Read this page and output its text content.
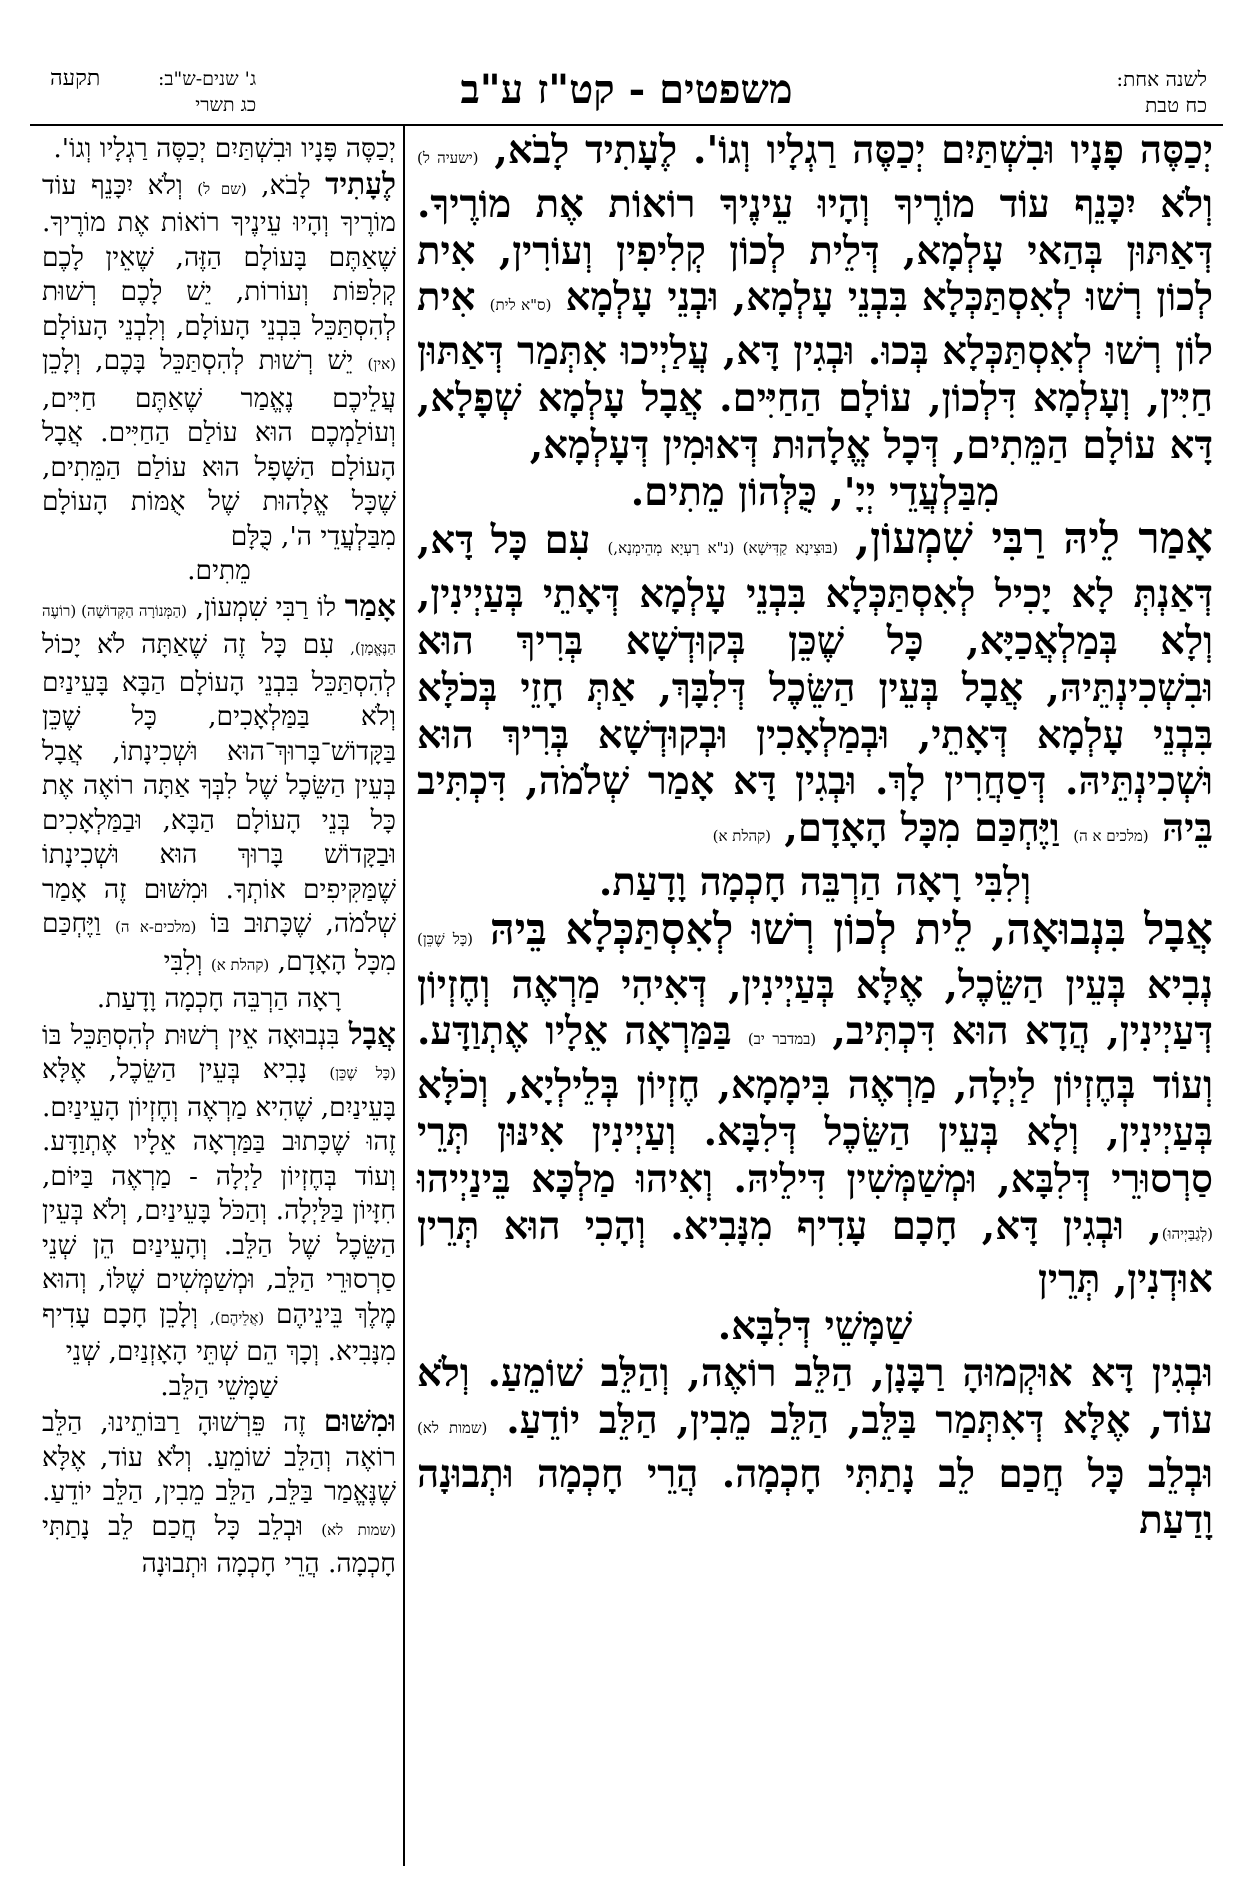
לשנה אחת:
כח טבת
משפטים - קט"ז ע"ב
ג' שנים-ש"ב:
כג תשרי
תקעה

יְכַסֶּה פָנָיו וּבִשְׁתַּיִם יְכַסֶּה רַגְלָיו וְגוֹ'. לֶעָתִיד לָבֹא, (ישעיה ל) וְלֹא יִכָּנֵף עוֹד מוֹרֶיךָ וְהָיוּ עֵינֶיךָ רוֹאוֹת אֶת מוֹרֶיךָ. דְּאַתּוּן בְּהַאי עָלְמָא, דְּלֵית לְכוֹן קְלִיפִין וְעוֹרִין, אִית לְכוֹן רְשׁוּ לְאִסְתַּכְּלָא בִּבְנֵי עָלְמָא, וּבְנֵי עָלְמָא (ס"א לית) אִית לוֹן רְשׁוּ לְאִסְתַּכְּלָא בְּכוּ. וּבְגִין דָּא, עֲלַיְיכוּ אִתְּמַר דְּאַתּוּן חַיִּין, וְעָלְמָא דִּלְכוֹן, עוֹלָם הַחַיִּים. אֲבָל עָלְמָא שְׁפָלָא, דָּא עוֹלָם הַמֵּתִים, דְּכָל אֱלָהוּת דְּאוּמִין דְּעָלְמָא,

מִבַּלְעֲדֵי יְיָ', כֻּלְּהוֹן מֵתִים.

אָמַר לֵיהּ רַבִּי שִׁמְעוֹן, (בּוּצִינָא קַדִּישָׁא) (נ"א רַעְיָא מְהֵימְנָא,) עִם כָּל דָּא, דְּאַנְתְּ לָא יָכִיל לְאִסְתַּכְּלָא בִּבְנֵי עָלְמָא דְּאָתֵי בְּעַיְינִין, וְלָא בְּמַלְאֲכַיָּא, כָּל שֶׁכֵּן בְּקוּדְשָׁא בְּרִיךְ הוּא וּבִשְׁכִינְתֵּיהּ, אֲבָל בְּעֵין הַשֵּׂכֶל דְּלִבָּךְ, אַתְּ חָזֵי בְּכֹלָּא בִּבְנֵי עָלְמָא דְּאָתֵי, וּבְמַלְאָכִין וּבְקוּדְשָׁא בְּרִיךְ הוּא וּשְׁכִינְתֵּיהּ. דְּסַחֲרִין לָךְ. וּבְגִין דָּא אָמַר שְׁלֹמֹה, דִּכְתִּיב בֵּיהּ (מלכים א ה) וַיֶּחְכַּם מִכָּל הָאָדָם, (קהלת א)

וְלִבִּי רָאָה הַרְבֵּה חָכְמָה וָדָעַת.

אֲבָל בִּנְבוּאָה, לֵית לְכוֹן רְשׁוּ לְאִסְתַּכְּלָא בֵּיהּ (כָּל שֶׁכֵּן) נְבִיא בְּעֵין הַשֵּׂכֶל, אֶלָּא בְּעַיְינִין, דְּאִיהִי מַרְאֶה וְחֶזְיוֹן דְּעַיְינִין, הֲדָא הוּא דִּכְתִּיב, (במדבר יב) בַּמַּרְאָה אֵלָיו אֶתְוַדָּע. וְעוֹד בְּחֶזְיוֹן לַיְלָה, מַרְאֶה בִּימָמָא, חֶזְיוֹן בְּלֵילְיָא, וְכֹלָּא בְּעַיְינִין, וְלָא בְּעֵין הַשֵּׂכֶל דְּלִבָּא. וְעַיְינִין אִינּוּן תְּרֵי סַרְסוּרֵי דְּלִבָּא, וּמְשַׁמְּשִׁין דִּילֵיהּ. וְאִיהוּ מַלְכָּא בֵּינַיְיהוּ (לְגַבַּיְיהוּ), וּבְגִין דָּא, חָכָם עָדִיף מִנָּבִיא. וְהָכִי הוּא תְּרֵין אוּדְנִין, תְּרֵין

שַׁמָּשֵׁי דְּלִבָּא.

וּבְגִין דָּא אוּקְמוּהָ רַבָּנָן, הַלֵּב רוֹאֶה, וְהַלֵּב שׁוֹמֵעַ. וְלֹא עוֹד, אֶלָּא דְּאִתְּמַר בַּלֵּב, הַלֵּב מֵבִין, הַלֵּב יוֹדֵעַ. (שמות לא) וּבְלֵב כָּל חֲכַם לֵב נָתַתִּי חָכְמָה. הֲרֵי חָכְמָה וּתְבוּנָה וָדַעַת

יְכַסֶּה פָּנָיו וּבִשְׁתַּיִם יְכַסֶּה רַגְלָיו וְגוֹ'.

לֶעָתִיד לָבֹא, (שם ל) וְלֹא יִכָּנֵף עוֹד מוֹרֶיךָ וְהָיוּ עֵינֶיךָ רוֹאוֹת אֶת מוֹרֶיךָ. שֶׁאַתֶּם בָּעוֹלָם הַזֶּה, שֶׁאֵין לָכֶם קְלִפּוֹת וְעוֹרוֹת, יֵשׁ לָכֶם רְשׁוּת לְהִסְתַּכֵּל בִּבְנֵי הָעוֹלָם, וְלִבְנֵי הָעוֹלָם (אין) יֵשׁ רְשׁוּת לְהִסְתַּכֵּל בָּכֶם, וְלָכֵן עֲלֵיכֶם נֶאֱמַר שֶׁאַתֶּם חַיִּים, וְעוֹלַמְכֶם הוּא עוֹלַם הַחַיִּים. אֲבָל הָעוֹלָם הַשָּׁפָל הוּא עוֹלַם הַמֵּתִים, שֶׁכָּל אֱלָהוּת שֶׁל אֻמּוֹת הָעוֹלָם מִבַּלְעֲדֵי ה', כֻּלָּם

מֵתִים.

אָמַר לוֹ רַבִּי שִׁמְעוֹן, (הַמְּנוֹרָה הַקְּדוֹשָׁה) (רוֹעֶה הַנֶּאֱמָן), עִם כָּל זֶה שֶׁאַתָּה לֹא יָכוֹל לְהִסְתַּכֵּל בִּבְנֵי הָעוֹלָם הַבָּא בָּעֵינַיִם וְלֹא בַּמַּלְאָכִים, כָּל שֶׁכֵּן בַּקָּדוֹשׁ־בָּרוּךְ־הוּא וּשְׁכִינָתוֹ, אֲבָל בְּעֵין הַשֵּׂכֶל שֶׁל לִבְּךָ אַתָּה רוֹאֶה אֶת כָּל בְּנֵי הָעוֹלָם הַבָּא, וּבַמַּלְאָכִים וּבַקָּדוֹשׁ בָּרוּךְ הוּא וּשְׁכִינָתוֹ שֶׁמַּקִּיפִים אוֹתְךָ. וּמִשּׁוּם זֶה אָמַר שְׁלֹמֹה, שֶׁכָּתוּב בּוֹ (מלכים-א ה) וַיֶּחְכַּם מִכָּל הָאָדָם, (קהלת א) וְלִבִּי

רָאָה הַרְבֵּה חָכְמָה וָדָעַת.

אֲבָל בִּנְבוּאָה אֵין רְשׁוּת לְהִסְתַּכֵּל בּוֹ (כָּל שֶׁכֵּן) נָבִיא בְּעֵין הַשֵּׂכֶל, אֶלָּא בָּעֵינַיִם, שֶׁהִיא מַרְאֶה וְחֶזְיוֹן הָעֵינַיִם. זֶהוּ שֶׁכָּתוּב בַּמַּרְאָה אֵלָיו אֶתְוַדָּע. וְעוֹד בְּחֶזְיוֹן לַיְלָה - מַרְאֶה בַּיּוֹם, חִזָּיוֹן בַּלַּיְלָה. וְהַכֹּל בָּעֵינַיִם, וְלֹא בְּעֵין הַשֵּׂכֶל שֶׁל הַלֵּב. וְהָעֵינַיִם הֵן שְׁנֵי סַרְסוּרֵי הַלֵּב, וּמְשַׁמְּשִׁים שֶׁלּוֹ, וְהוּא מֶלֶךְ בֵּינֵיהֶם (אֲלֵיהֶם), וְלָכֵן חָכָם עָדִיף מִנָּבִיא. וְכָךְ הֵם שְׁתֵּי הָאָזְנַיִם, שְׁנֵי

שַׁמָּשֵׁי הַלֵּב.

וּמִשּׁוּם זֶה פֵּרְשׁוּהָ רַבּוֹתֵינוּ, הַלֵּב רוֹאֶה וְהַלֵּב שׁוֹמֵעַ. וְלֹא עוֹד, אֶלָּא שֶׁנֶּאֱמַר בַּלֵּב, הַלֵּב מֵבִין, הַלֵּב יוֹדֵעַ. (שמות לא) וּבְלֵב כָּל חֲכַם לֵב נָתַתִּי חָכְמָה. הֲרֵי חָכְמָה וּתְבוּנָה
